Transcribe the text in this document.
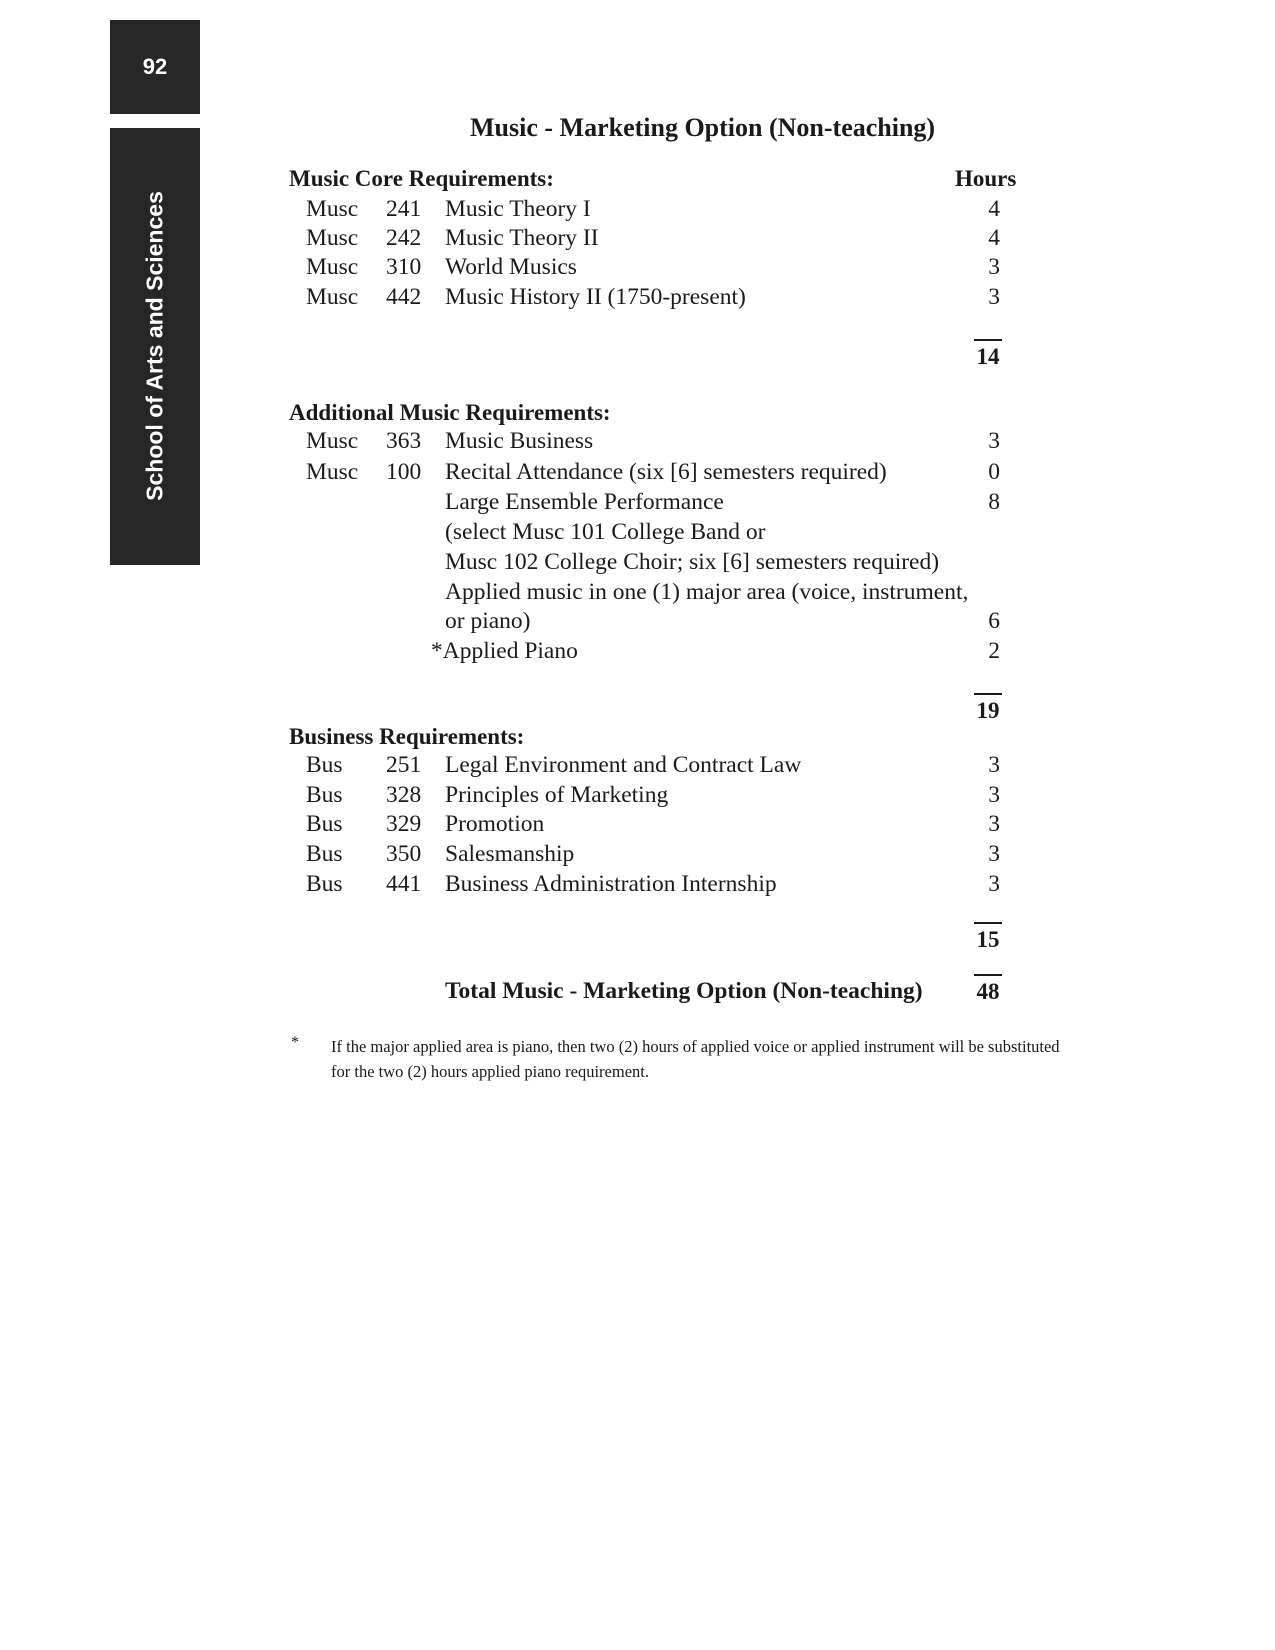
92
School of Arts and Sciences
Music - Marketing Option (Non-teaching)
Music Core Requirements:	Hours
Musc 241 Music Theory I	4
Musc 242 Music Theory II	4
Musc 310 World Musics	3
Musc 442 Music History II (1750-present)	3
14
Additional Music Requirements:
Musc 363 Music Business	3
Musc 100 Recital Attendance (six [6] semesters required)	0
Large Ensemble Performance	8
(select Musc 101 College Band or
Musc 102 College Choir; six [6] semesters required)
Applied music in one (1) major area (voice, instrument,
or piano)	6
*Applied Piano	2
19
Business Requirements:
Bus 251 Legal Environment and Contract Law	3
Bus 328 Principles of Marketing	3
Bus 329 Promotion	3
Bus 350 Salesmanship	3
Bus 441 Business Administration Internship	3
15
Total Music - Marketing Option (Non-teaching) 48
* If the major applied area is piano, then two (2) hours of applied voice or applied instrument will be substituted for the two (2) hours applied piano requirement.
